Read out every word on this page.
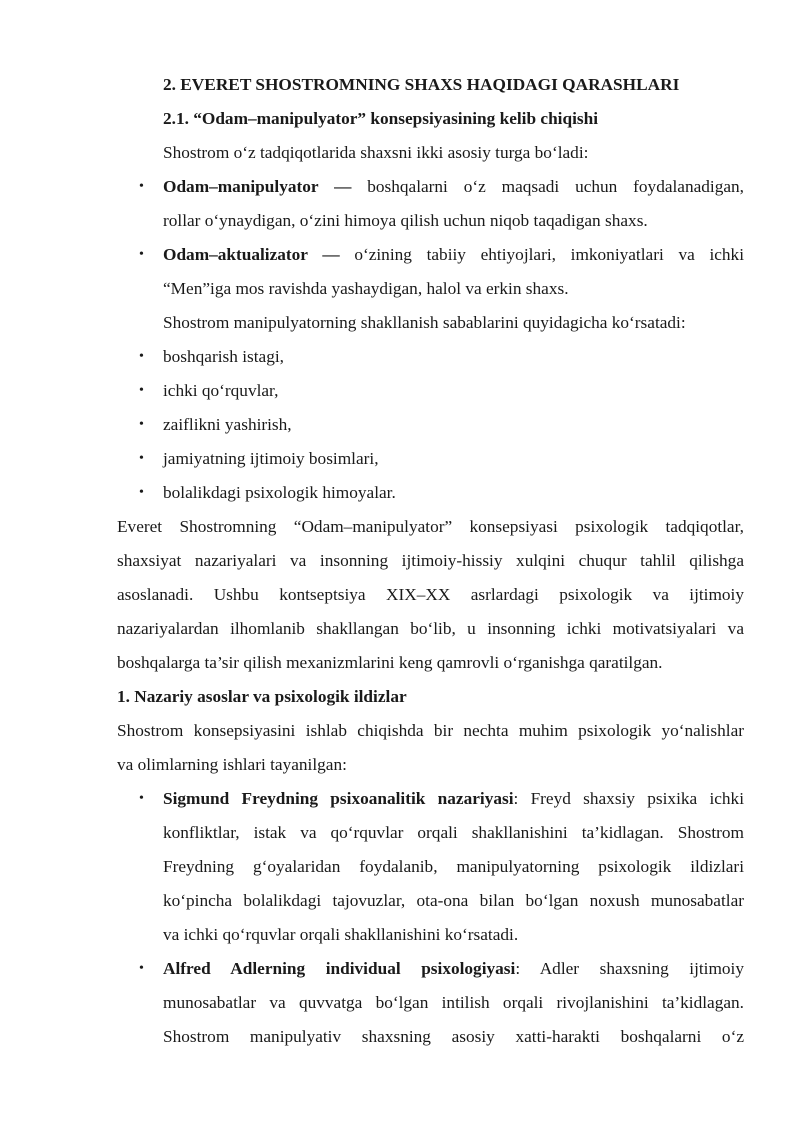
2. EVERET SHOSTROMNING SHAXS HAQIDAGI QARASHLARI
2.1. “Odam–manipulyator” konsepsiyasining kelib chiqishi
Shostrom o‘z tadqiqotlarida shaxsni ikki asosiy turga bo‘ladi:
• Odam–manipulyator — boshqalarni o‘z maqsadi uchun foydalanadigan,
rollar o‘ynaydigan, o‘zini himoya qilish uchun niqob taqadigan shaxs.
• Odam–aktualizator — o‘zining tabiiy ehtiyojlari, imkoniyatlari va ichki
“Men”iga mos ravishda yashaydigan, halol va erkin shaxs.
Shostrom manipulyatorning shakllanish sabablarini quyidagicha ko‘rsatadi:
• boshqarish istagi,
• ichki qo‘rquvlar,
• zaiflikni yashirish,
• jamiyatning ijtimoiy bosimlari,
• bolalikdagi psixologik himoyalar.
Everet Shostromning “Odam–manipulyator” konsepsiyasi psixologik tadqiqotlar,
shaxsiyat nazariyalari va insonning ijtimoiy-hissiy xulqini chuqur tahlil qilishga
asoslanadi. Ushbu kontseptsiya XIX–XX asrlardagi psixologik va ijtimoiy
nazariyalardan ilhomlanib shakllangan bo‘lib, u insonning ichki motivatsiyalari va
boshqalarga ta’sir qilish mexanizmlarini keng qamrovli o‘rganishga qaratilgan.
1. Nazariy asoslar va psixologik ildizlar
Shostrom konsepsiyasini ishlab chiqishda bir nechta muhim psixologik yo‘nalishlar
va olimlarning ishlari tayanilgan:
• Sigmund Freydning psixoanalitik nazariyasi: Freyd shaxsiy psixika ichki
konfliktlar, istak va qo‘rquvlar orqali shakllanishini ta’kidlagan. Shostrom
Freydning g‘oyalaridan foydalanib, manipulyatorning psixologik ildizlari
ko‘pincha bolalikdagi tajovuzlar, ota-ona bilan bo‘lgan noxush munosabatlar
va ichki qo‘rquvlar orqali shakllanishini ko‘rsatadi.
• Alfred Adlerning individual psixologiyasi: Adler shaxsning ijtimoiy
munosabatlar va quvvatga bo‘lgan intilish orqali rivojlanishini ta’kidlagan.
Shostrom manipulyativ shaxsning asosiy xatti-harakti boshqalarni o‘z
